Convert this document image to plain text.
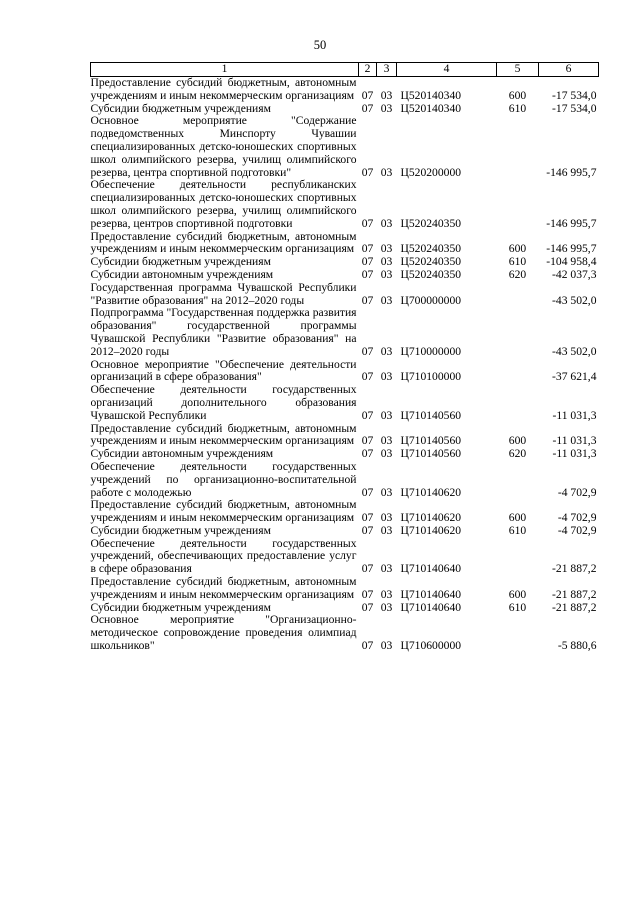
50
1	2	3	4	5	6
Предоставление субсидий бюджетным, автономным учреждениям и иным некоммерческим организациям	07	03	Ц520140340	600	-17 534,0
Субсидии бюджетным учреждениям	07	03	Ц520140340	610	-17 534,0
Основное мероприятие "Содержание подведомственных Минспорту Чувашии специализированных детско-юношеских спортивных школ олимпийского резерва, училищ олимпийского резерва, центра спортивной подготовки"	07	03	Ц520200000		-146 995,7
Обеспечение деятельности республиканских специализированных детско-юношеских спортивных школ олимпийского резерва, училищ олимпийского резерва, центров спортивной подготовки	07	03	Ц520240350		-146 995,7
Предоставление субсидий бюджетным, автономным учреждениям и иным некоммерческим организациям	07	03	Ц520240350	600	-146 995,7
Субсидии бюджетным учреждениям	07	03	Ц520240350	610	-104 958,4
Субсидии автономным учреждениям	07	03	Ц520240350	620	-42 037,3
Государственная программа Чувашской Республики "Развитие образования" на 2012–2020 годы	07	03	Ц700000000		-43 502,0
Подпрограмма "Государственная поддержка развития образования" государственной программы Чувашской Республики "Развитие образования" на 2012–2020 годы	07	03	Ц710000000		-43 502,0
Основное мероприятие "Обеспечение деятельности организаций в сфере образования"	07	03	Ц710100000		-37 621,4
Обеспечение деятельности государственных организаций дополнительного образования Чувашской Республики	07	03	Ц710140560		-11 031,3
Предоставление субсидий бюджетным, автономным учреждениям и иным некоммерческим организациям	07	03	Ц710140560	600	-11 031,3
Субсидии автономным учреждениям	07	03	Ц710140560	620	-11 031,3
Обеспечение деятельности государственных учреждений по организационно-воспитательной работе с молодежью	07	03	Ц710140620		-4 702,9
Предоставление субсидий бюджетным, автономным учреждениям и иным некоммерческим организациям	07	03	Ц710140620	600	-4 702,9
Субсидии бюджетным учреждениям	07	03	Ц710140620	610	-4 702,9
Обеспечение деятельности государственных учреждений, обеспечивающих предоставление услуг в сфере образования	07	03	Ц710140640		-21 887,2
Предоставление субсидий бюджетным, автономным учреждениям и иным некоммерческим организациям	07	03	Ц710140640	600	-21 887,2
Субсидии бюджетным учреждениям	07	03	Ц710140640	610	-21 887,2
Основное мероприятие "Организационно-методическое сопровождение проведения олимпиад школьников"	07	03	Ц710600000		-5 880,6
